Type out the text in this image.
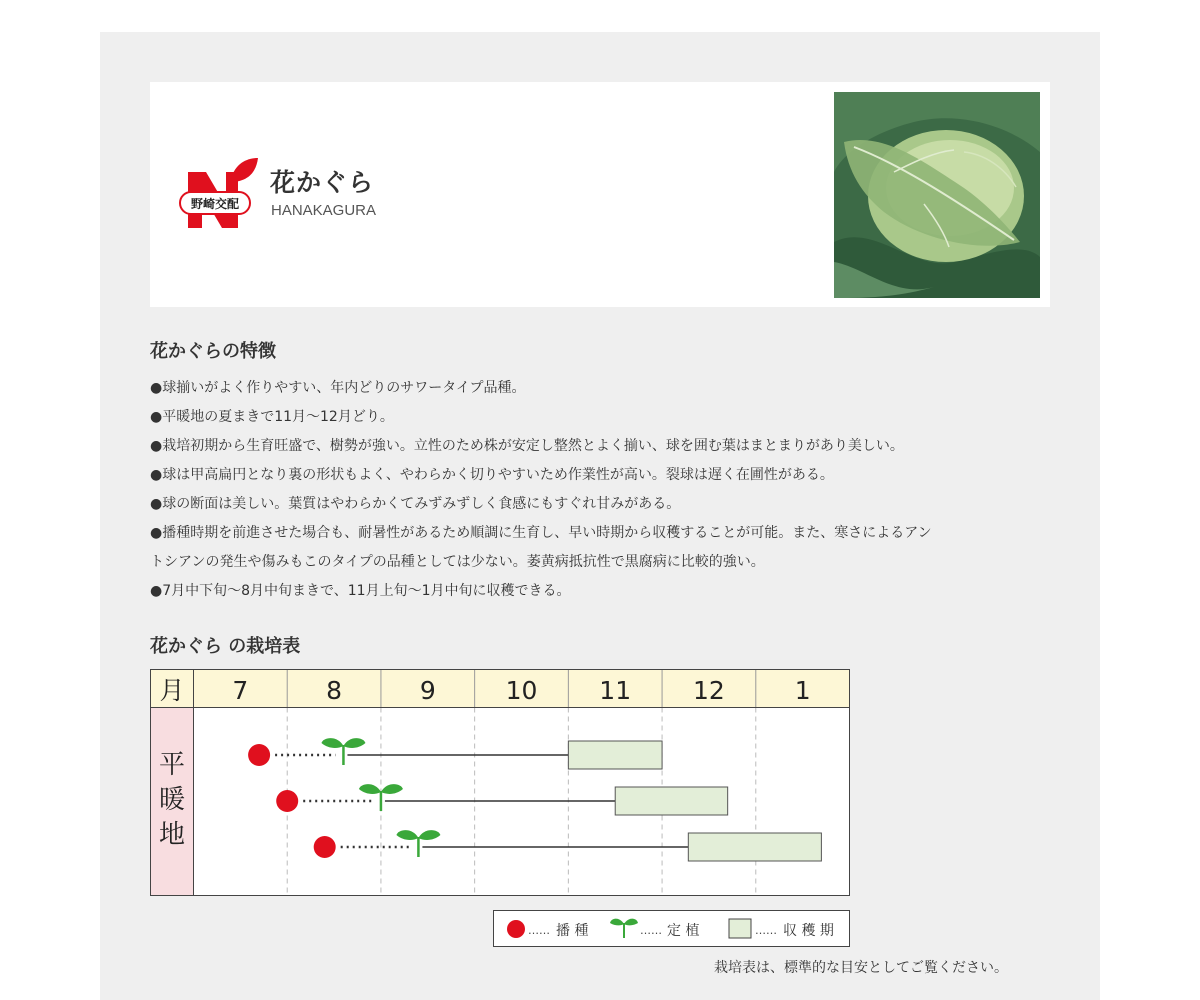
野崎交配
花かぐら
HANAKAGURA
花かぐらの特徴
●球揃いがよく作りやすい、年内どりのサワータイプ品種。
●平暖地の夏まきで11月〜12月どり。
●栽培初期から生育旺盛で、樹勢が強い。立性のため株が安定し整然とよく揃い、球を囲む葉はまとまりがあり美しい。
●球は甲高扁円となり裏の形状もよく、やわらかく切りやすいため作業性が高い。裂球は遅く在圃性がある。
●球の断面は美しい。葉質はやわらかくてみずみずしく食感にもすぐれ甘みがある。
●播種時期を前進させた場合も、耐暑性があるため順調に生育し、早い時期から収穫することが可能。また、寒さによるアン
トシアンの発生や傷みもこのタイプの品種としては少ない。萎黄病抵抗性で黒腐病に比較的強い。
●7月中下旬〜8月中旬まきで、11月上旬〜1月中旬に収穫できる。
花かぐら の栽培表
月 7	8	9	10 11 12	1
平
暖
地
…… 播 種	…… 定 植	…… 収 穫 期
栽培表は、標準的な目安としてご覧ください。
